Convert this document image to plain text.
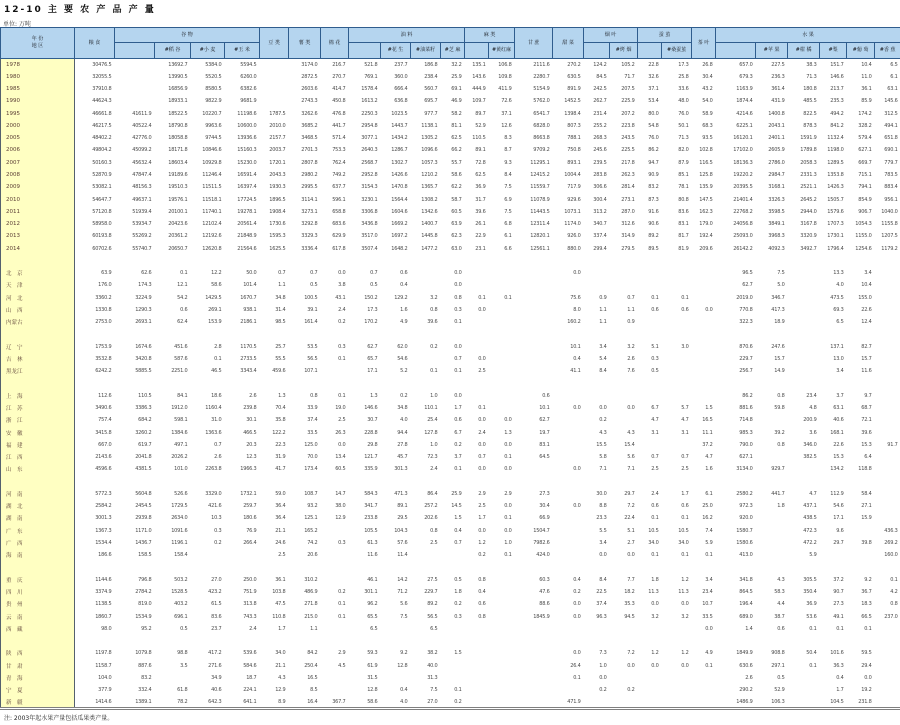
12-10 主 要 农 产 品 产 量
单位: 万吨
年 份
地 区	粮 食	谷 物				豆 类	薯 类	棉 花	油 料				麻 类		甘 蔗	甜 菜	烟 叶		蚕 茧		茶 叶	水 果					
			#稻 谷	#小 麦	#玉 米					#花 生	#油菜籽	#芝 麻		#黄红麻				#烤 烟		#桑蚕茧			#苹 果	#柑 橘	#梨	#葡 萄	#香 蕉
1978	30476.5		13692.7	5384.0	5594.5		3174.0	216.7	521.8	237.7	186.8	32.2	135.1	106.8	2111.6	270.2	124.2	105.2	22.8	17.3	26.8	657.0	227.5	38.3	151.7	10.4	6.5
1980	32055.5		13990.5	5520.5	6260.0		2872.5	270.7	769.1	360.0	238.4	25.9	143.6	109.8	2280.7	630.5	84.5	71.7	32.6	25.8	30.4	679.3	236.3	71.3	146.6	11.0	6.1
1985	37910.8		16856.9	8580.5	6382.6		2603.6	414.7	1578.4	666.4	560.7	69.1	444.9	411.9	5154.9	891.9	242.5	207.5	37.1	33.6	43.2	1163.9	361.4	180.8	213.7	36.1	63.1
1990	44624.3		18933.1	9822.9	9681.9		2743.3	450.8	1613.2	636.8	695.7	46.9	109.7	72.6	5762.0	1452.5	262.7	225.9	53.4	48.0	54.0	1874.4	431.9	485.5	235.3	85.9	145.6
1995	46661.8	41611.9	18522.5	10220.7	11198.6	1787.5	3262.6	476.8	2250.3	1023.5	977.7	58.2	89.7	37.1	6541.7	1398.4	231.4	207.2	80.0	76.0	58.9	4214.6	1400.8	822.5	494.2	174.2	312.5
2000	46217.5	40522.4	18790.8	9963.6	10600.0	2010.0	3685.2	441.7	2954.8	1443.7	1138.1	81.1	52.9	12.6	6828.0	807.3	255.2	223.8	54.8	50.1	68.3	6225.1	2043.1	878.3	841.2	328.2	494.1
2005	48402.2	42776.0	18058.8	9744.5	13936.6	2157.7	3468.5	571.4	3077.1	1434.2	1305.2	62.5	110.5	8.3	8663.8	788.1	268.3	243.5	76.0	71.3	93.5	16120.1	2401.1	1591.9	1132.4	579.4	651.8
2006	49804.2	45099.2	18171.8	10846.6	15160.3	2003.7	2701.3	753.3	2640.3	1286.7	1096.6	66.2	89.1	8.7	9709.2	750.8	245.6	225.5	86.2	82.0	102.8	17102.0	2605.9	1789.8	1198.0	627.1	690.1
2007	50160.3	45632.4	18603.4	10929.8	15230.0	1720.1	2807.8	762.4	2568.7	1302.7	1057.3	55.7	72.8	9.3	11295.1	893.1	239.5	217.8	94.7	87.9	116.5	18136.3	2786.0	2058.3	1289.5	669.7	779.7
2008	52870.9	47847.4	19189.6	11246.4	16591.4	2043.3	2980.2	749.2	2952.8	1426.6	1210.2	58.6	62.5	8.4	12415.2	1004.4	283.8	262.3	90.9	85.1	125.8	19220.2	2984.7	2331.3	1353.8	715.1	783.5
2009	53082.1	48156.3	19510.3	11511.5	16397.4	1930.3	2995.5	637.7	3154.3	1470.8	1365.7	62.2	36.9	7.5	11559.7	717.9	306.6	281.4	83.2	78.1	135.9	20395.5	3168.1	2521.1	1426.3	794.1	883.4
2010	54647.7	49637.1	19576.1	11518.1	17724.5	1896.5	3114.1	596.1	3230.1	1564.4	1308.2	58.7	31.7	6.9	11078.9	929.6	300.4	273.1	87.3	80.8	147.5	21401.4	3326.3	2645.2	1505.7	854.9	956.1
2011	57120.8	51939.4	20100.1	11740.1	19278.1	1908.4	3273.1	658.8	3306.8	1604.6	1342.6	60.5	39.6	7.5	11443.5	1073.1	313.2	287.0	91.6	83.6	162.3	22768.2	3598.5	2944.0	1579.6	906.7	1040.0
2012	58958.0	53934.7	20423.6	12102.4	20561.4	1730.6	3292.8	683.6	3436.8	1669.2	1400.7	63.9	26.1	6.8	12311.4	1174.0	340.7	312.6	90.6	83.1	179.0	24056.8	3849.1	3167.8	1707.3	1054.3	1155.8
2013	60193.8	55269.2	20361.2	12192.6	21848.9	1595.3	3329.3	629.9	3517.0	1697.2	1445.8	62.3	22.9	6.1	12820.1	926.0	337.4	314.9	89.2	81.7	192.4	25093.0	3968.3	3320.9	1730.1	1155.0	1207.5
2014	60702.6	55740.7	20650.7	12620.8	21564.6	1625.5	3336.4	617.8	3507.4	1648.2	1477.2	63.0	23.1	6.6	12561.1	880.0	299.4	279.5	89.5	81.9	209.6	26142.2	4092.3	3492.7	1796.4	1254.6	1179.2

北　京	63.9	62.6	0.1	12.2	50.0	0.7	0.7	0.0	0.7	0.6		0.0				0.0						96.5	7.5		13.3	3.4	
天　津	176.0	174.3	12.1	58.6	101.4	1.1	0.5	3.8	0.5	0.4		0.0										62.7	5.0		4.0	10.4	
河　北	3360.2	3224.9	54.2	1429.5	1670.7	34.8	100.5	43.1	150.2	129.2	3.2	0.8	0.1	0.1		75.6	0.9	0.7	0.1	0.1		2019.0	346.7		473.5	155.0	
山　西	1330.8	1290.3	0.6	269.1	938.1	31.4	39.1	2.4	17.3	1.6	0.8	0.3	0.0			8.0	1.1	1.1	0.6	0.6	0.0	770.8	417.3		69.3	22.6	
内蒙古	2753.0	2693.1	62.4	153.9	2186.1	98.5	161.4	0.2	170.2	4.9	39.6	0.1				160.2	1.1	0.9				322.3	18.9		6.5	12.4	

辽　宁	1753.9	1674.6	451.6	2.8	1170.5	25.7	53.5	0.3	62.7	62.0	0.2	0.0				10.1	3.4	3.2	5.1	3.0		870.6	247.6		137.1	82.7	
吉　林	3532.8	3420.8	587.6	0.1	2733.5	55.5	56.5	0.1	65.7	54.6		0.7	0.0			0.4	5.4	2.6	0.3			229.7	15.7		13.0	15.7	
黑龙江	6242.2	5885.5	2251.0	46.5	3343.4	459.6	107.1		17.1	5.2	0.1	0.1	2.5			41.1	8.4	7.6	0.5			256.7	14.9		3.4	11.6	

上　海	112.6	110.5	84.1	18.6	2.6	1.3	0.8	0.1	1.3	0.2	1.0	0.0			0.6							86.2	0.8	23.4	3.7	9.7	
江　苏	3490.6	3386.3	1912.0	1160.4	239.8	70.4	33.9	19.0	146.6	34.8	110.1	1.7	0.1		10.1	0.0	0.0	0.0	6.7	5.7	1.5	881.6	59.8	4.8	63.1	68.7	
浙　江	757.4	684.2	598.1	31.0	30.1	35.8	37.4	2.5	30.7	4.0	25.4	0.6	0.0	0.0	62.7		0.2		4.7	4.7	16.5	714.8		200.9	40.6	72.1	
安　徽	3415.8	3260.2	1384.6	1363.6	466.5	122.2	33.5	26.3	228.8	94.4	127.8	6.7	2.4	1.3	19.7		4.3	4.3	3.1	3.1	11.1	985.3	39.2	3.6	168.1	39.6	
福　建	667.0	619.7	497.1	0.7	20.3	22.3	125.0	0.0	29.8	27.8	1.0	0.2	0.0	0.0	83.1		15.5	15.4			37.2	790.0	0.8	346.0	22.6	15.3	91.7
江　西	2143.6	2041.8	2026.2	2.6	12.3	31.9	70.0	13.4	121.7	45.7	72.3	3.7	0.7	0.1	64.5		5.8	5.6	0.7	0.7	4.7	627.1		382.5	15.3	6.4	
山　东	4596.6	4381.5	101.0	2263.8	1966.3	41.7	173.4	60.5	335.9	301.3	2.4	0.1	0.0	0.0		0.0	7.1	7.1	2.5	2.5	1.6	3134.0	929.7		134.2	118.8	

河　南	5772.3	5604.8	526.6	3329.0	1732.1	59.0	108.7	14.7	584.3	471.3	86.4	25.9	2.9	2.9	27.3		30.0	29.7	2.4	1.7	6.1	2580.2	441.7	4.7	112.9	58.4	
湖　北	2584.2	2454.5	1729.5	421.6	259.7	36.4	93.2	38.0	341.7	89.1	257.2	14.5	2.5	0.0	30.4	0.0	8.8	7.2	0.6	0.6	25.0	972.3	1.8	437.1	54.6	27.1	
湖　南	3001.3	2939.8	2634.0	10.3	180.6	36.4	125.1	12.9	233.8	29.5	202.6	1.5	1.7	0.1	66.9		23.3	22.4	0.1	0.1	16.2	920.0		438.5	17.1	15.9	
广　东	1367.3	1171.0	1091.6	0.3	76.9	21.1	165.2		105.5	104.3	0.8	0.4	0.0	0.0	1504.7		5.5	5.1	10.5	10.5	7.4	1580.7		472.3	9.6		436.3
广　西	1534.4	1436.7	1196.1	0.2	266.4	24.6	74.2	0.3	61.3	57.6	2.5	0.7	1.2	1.0	7982.6		3.4	2.7	34.0	34.0	5.9	1580.6		472.2	29.7	39.8	269.2
海　南	186.6	158.5	158.4			2.5	20.6		11.6	11.4			0.2	0.1	424.0		0.0	0.0	0.1	0.1	0.1	413.0		5.9			160.0

重　庆	1144.6	796.8	503.2	27.0	250.0	36.1	310.2		46.1	14.2	27.5	0.5	0.8		60.3	0.4	8.4	7.7	1.8	1.2	3.4	341.8	4.3	305.5	37.2	9.2	0.1
四　川	3374.9	2784.2	1528.5	423.2	751.9	103.8	486.9	0.2	301.1	71.2	229.7	1.8	0.4		47.6	0.2	22.5	18.2	11.3	11.3	23.4	864.5	58.3	350.4	90.7	36.7	4.2
贵　州	1138.5	819.0	403.2	61.5	313.8	47.5	271.8	0.1	96.2	5.6	89.2	0.2	0.6		88.6	0.0	37.4	35.3	0.0	0.0	10.7	196.4	4.4	36.9	27.3	18.3	0.8
云　南	1860.7	1534.9	696.1	83.6	743.3	110.8	215.0	0.1	65.5	7.5	56.5	0.3	0.8		1845.9	0.0	96.3	94.5	3.2	3.2	33.5	689.0	38.7	53.6	49.1	66.5	237.0
西　藏	98.0	95.2	0.5	23.7	2.4	1.7	1.1		6.5		6.5										0.0	1.4	0.6	0.1	0.1	0.1	

陕　西	1197.8	1079.8	98.8	417.2	539.6	34.0	84.2	2.9	59.3	9.2	38.2	1.5				0.0	7.3	7.2	1.2	1.2	4.9	1849.9	908.8	50.4	101.6	59.5	
甘　肃	1158.7	887.6	3.5	271.6	584.6	21.1	250.4	4.5	61.9	12.8	40.0					26.4	1.0	0.0	0.0	0.0	0.1	630.6	297.1	0.1	36.3	29.4	
青　海	104.0	83.2		34.9	18.7	4.3	16.5		31.5		31.3					0.1	0.0					2.6	0.5		0.4	0.0	
宁　夏	377.9	332.4	61.8	40.6	224.1	12.9	8.5		12.8	0.4	7.5	0.1					0.2	0.2				290.2	52.9		1.7	19.2	
新　疆	1414.6	1389.1	78.2	642.3	641.1	8.9	16.4	367.7	58.6	4.0	27.0	0.2				471.9						1486.9	106.3		104.5	231.8	
注: 2003年起水果产量包括瓜果类产量。
